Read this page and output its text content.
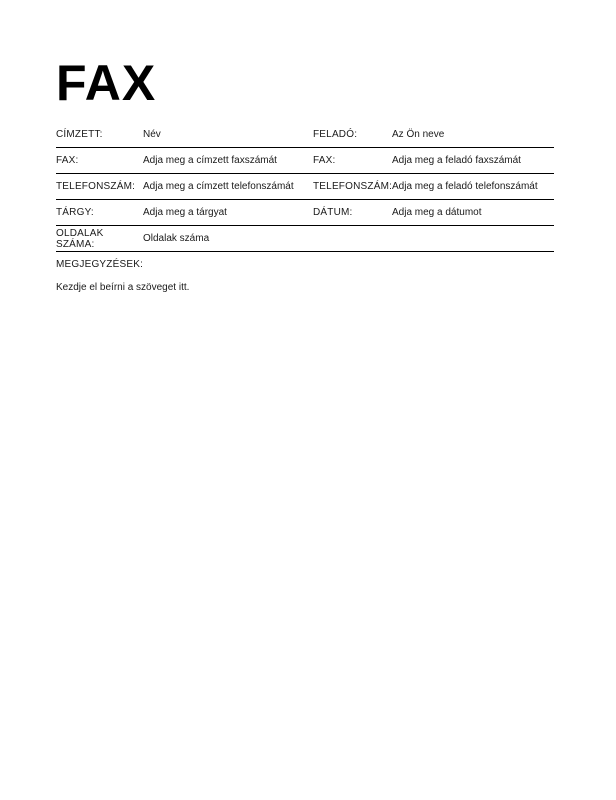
FAX
CÍMZETT:	Név	FELADÓ:	Az Ön neve
FAX:	Adja meg a címzett faxszámát	FAX:	Adja meg a feladó faxszámát
TELEFONSZÁM: Adja meg a címzett telefonszámát	TELEFONSZÁM: Adja meg a feladó telefonszámát
TÁRGY:	Adja meg a tárgyat	DÁTUM:	Adja meg a dátumot
OLDALAK SZÁMA:	Oldalak száma
MEGJEGYZÉSEK:
Kezdje el beírni a szöveget itt.
